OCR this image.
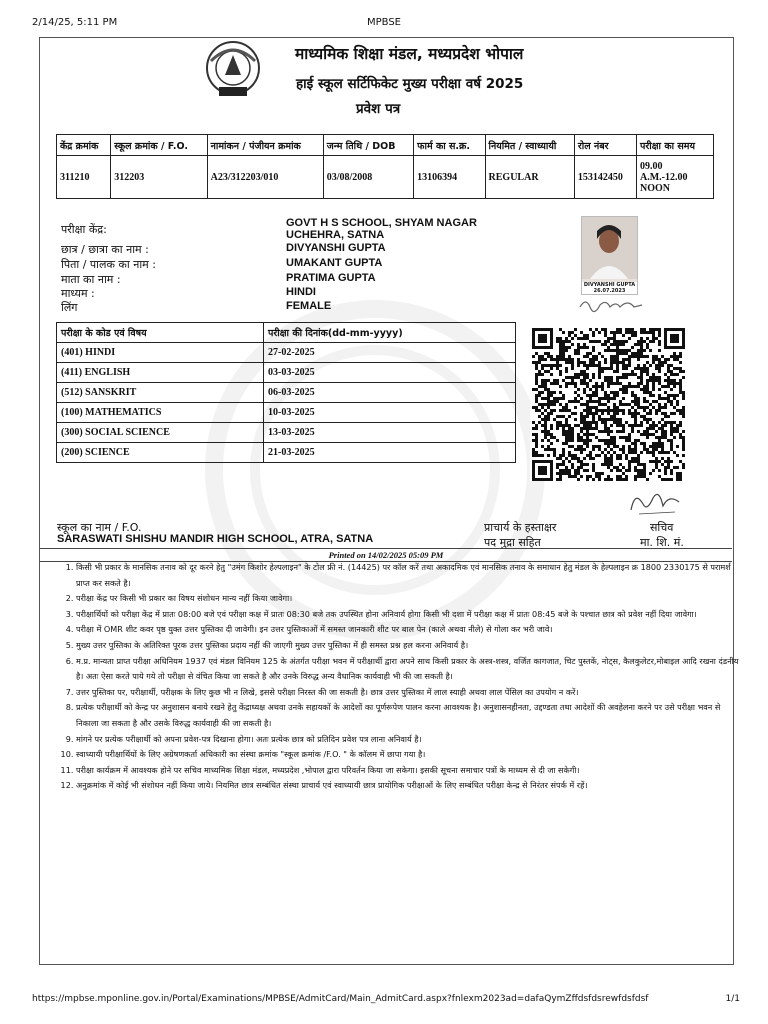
2/14/25, 5:11 PM	MPBSE
माध्यमिक शिक्षा मंडल, मध्यप्रदेश भोपाल
हाई स्कूल सर्टिफिकेट मुख्य परीक्षा वर्ष 2025
प्रवेश पत्र
केंद्र क्रमांक	स्कूल क्रमांक / F.O.	नामांकन / पंजीयन क्रमांक	जन्म तिथि / DOB	फार्म का स.क्र.	नियमित / स्वाध्यायी	रोल नंबर	परीक्षा का समय
311210	312203	A23/312203/010	03/08/2008	13106394	REGULAR	153142450	09.00 A.M.-12.00 NOON
परीक्षा केंद्र:	GOVT H S SCHOOL, SHYAM NAGAR
UCHEHRA, SATNA
छात्र / छात्रा का नाम :	DIVYANSHI GUPTA
पिता / पालक का नाम :	UMAKANT GUPTA
माता का नाम :	PRATIMA GUPTA
माध्यम :	HINDI
लिंग	FEMALE
DIVYANSHI GUPTA
26.07.2023
परीक्षा के कोड एवं विषय	परीक्षा की दिनांक(dd-mm-yyyy)
(401) HINDI	27-02-2025
(411) ENGLISH	03-03-2025
(512) SANSKRIT	06-03-2025
(100) MATHEMATICS	10-03-2025
(300) SOCIAL SCIENCE	13-03-2025
(200) SCIENCE	21-03-2025
स्कूल का नाम / F.O.
SARASWATI SHISHU MANDIR HIGH SCHOOL, ATRA, SATNA
प्राचार्य के हस्ताक्षर
पद मुद्रा सहित
सचिव
मा. शि. मं.
Printed on 14/02/2025 05:09 PM
1. किसी भी प्रकार के मानसिक तनाव को दूर करने हेतु "उमंग किशोर हेल्पलाइन" के टोल फ्री नं. (14425) पर कॉल करें तथा अकादमिक एवं मानसिक तनाव के समाधान हेतु मंडल के हेल्पलाइन क्र 1800 2330175 से परामर्श प्राप्त कर सकते है।
2. परीक्षा केंद्र पर किसी भी प्रकार का विषय संशोधन मान्य नहीं किया जावेगा।
3. परीक्षार्थियों को परीक्षा केंद्र में प्रातः 08:00 बजे एवं परीक्षा कक्ष में प्रातः 08:30 बजे तक उपस्थित होना अनिवार्य होगा किसी भी दशा में परीक्षा कक्ष में प्रातः 08:45 बजे के पश्चात छात्र को प्रवेश नहीं दिया जावेगा।
4. परीक्षा में OMR शीट कवर पृष्ठ युक्त उत्तर पुस्तिका दी जावेगी। इन उत्तर पुस्तिकाओं में समस्त जानकारी शीट पर बाल पेन (काले अथवा नीले) से गोला कर भरी जावे।
5. मुख्य उत्तर पुस्तिका के अतिरिक्त पूरक उत्तर पुस्तिका प्रदाय नहीं की जाएगी मुख्य उत्तर पुस्तिका में ही समस्त प्रश्न हल करना अनिवार्य है।
6. म.प्र. मान्यता प्राप्त परीक्षा अधिनियम 1937 एवं मंडल विनियम 125 के अंतर्गत परीक्षा भवन में परीक्षार्थी द्वारा अपने साथ किसी प्रकार के अस्त्र-शस्त्र, वर्जित कागजात, चिट पुस्तकें, नोट्स, कैलकुलेटर,मोबाइल आदि रखना दंडनीय है। अतः ऐसा करते पाये गये तो परीक्षा से वंचित किया जा सकते है और उनके विरुद्ध अन्य वैधानिक कार्यवाही भी की जा सकती है।
7. उत्तर पुस्तिका पर, परीक्षार्थी, परीक्षक के लिए कुछ भी न लिखे, इससे परीक्षा निरस्त की जा सकती है। छात्र उत्तर पुस्तिका में लाल स्याही अथवा लाल पेंसिल का उपयोग न करें।
8. प्रत्येक परीक्षार्थी को केन्द्र पर अनुशासन बनाये रखने हेतु केंद्राध्यक्ष अथवा उनके सहायकों के आदेशों का पूर्णरूपेण पालन करना आवश्यक है। अनुशासनहीनता, उद्दण्डता तथा आदेशों की अवहेलना करने पर उसे परीक्षा भवन से निकाला जा सकता है और उसके विरुद्ध कार्यवाही की जा सकती है।
9. मांगने पर प्रत्येक परीक्षार्थी को अपना प्रवेश-पत्र दिखाना होगा। अतः प्रत्येक छात्र को प्रतिदिन प्रवेश पत्र लाना अनिवार्य है।
10. स्वाध्यायी परीक्षार्थियों के लिए अग्रेषणकर्ता अधिकारी का संस्था क्रमांक "स्कूल क्रमांक /F.O. " के कॉलम में छापा गया है।
11. परीक्षा कार्यक्रम में आवश्यक होने पर सचिव माध्यमिक शिक्षा मंडल, मध्यप्रदेश ,भोपाल द्वारा परिवर्तन किया जा सकेगा। इसकी सूचना समाचार पत्रों के माध्यम से दी जा सकेगी।
12. अनुक्रमांक में कोई भी संशोधन नहीं किया जाये। नियमित छात्र सम्बंधित संस्था प्राचार्य एवं स्वाध्यायी छात्र प्रायोगिक परीक्षाओं के लिए सम्बंधित परीक्षा केन्द्र से निरंतर संपर्क में रहें।
https://mpbse.mponline.gov.in/Portal/Examinations/MPBSE/AdmitCard/Main_AdmitCard.aspx?fnlexm2023ad=dafaQymZffdsfdsrewfdsfdsf	1/1
